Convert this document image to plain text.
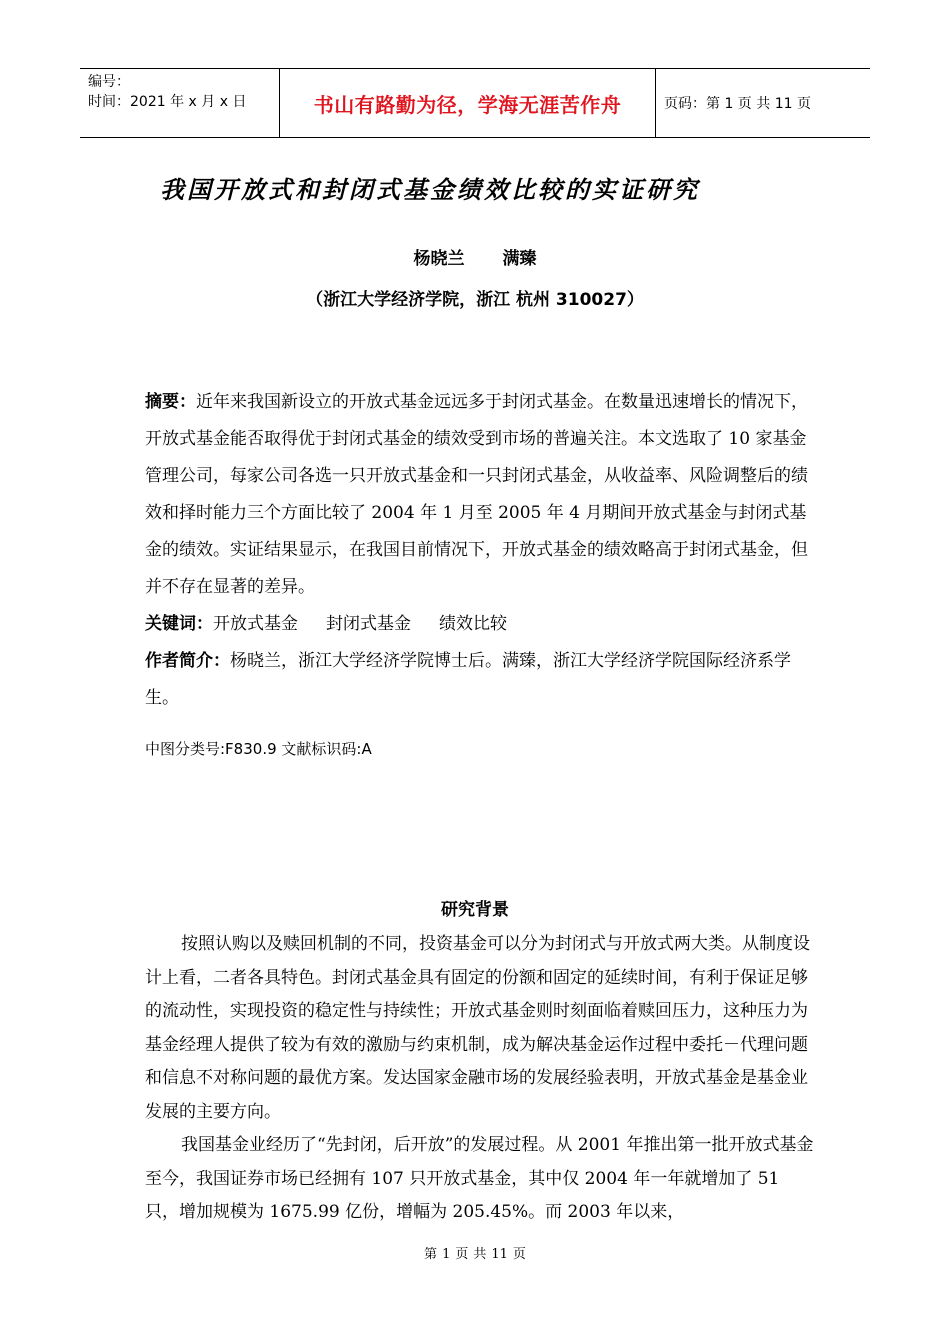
编号：
时间：2021 年 x 月 x 日	书山有路勤为径，学海无涯苦作舟	页码：第 1 页 共 11 页
我国开放式和封闭式基金绩效比较的实证研究
杨晓兰 满臻
（浙江大学经济学院，浙江 杭州 310027）
摘要：近年来我国新设立的开放式基金远远多于封闭式基金。在数量迅速增长的情况下，开放式基金能否取得优于封闭式基金的绩效受到市场的普遍关注。本文选取了 10 家基金管理公司，每家公司各选一只开放式基金和一只封闭式基金，从收益率、风险调整后的绩效和择时能力三个方面比较了 2004 年 1 月至 2005 年 4 月期间开放式基金与封闭式基金的绩效。实证结果显示，在我国目前情况下，开放式基金的绩效略高于封闭式基金，但并不存在显著的差异。
关键词：开放式基金 封闭式基金 绩效比较
作者简介：杨晓兰，浙江大学经济学院博士后。满臻，浙江大学经济学院国际经济系学生。
中图分类号:F830.9 文献标识码:A
研究背景

按照认购以及赎回机制的不同，投资基金可以分为封闭式与开放式两大类。从制度设计上看，二者各具特色。封闭式基金具有固定的份额和固定的延续时间，有利于保证足够的流动性，实现投资的稳定性与持续性；开放式基金则时刻面临着赎回压力，这种压力为基金经理人提供了较为有效的激励与约束机制，成为解决基金运作过程中委托－代理问题和信息不对称问题的最优方案。发达国家金融市场的发展经验表明，开放式基金是基金业发展的主要方向。

我国基金业经历了“先封闭，后开放”的发展过程。从 2001 年推出第一批开放式基金至今，我国证券市场已经拥有 107 只开放式基金，其中仅 2004 年一年就增加了 51 只，增加规模为 1675.99 亿份，增幅为 205.45%。而 2003 年以来，

第 1 页 共 11 页
